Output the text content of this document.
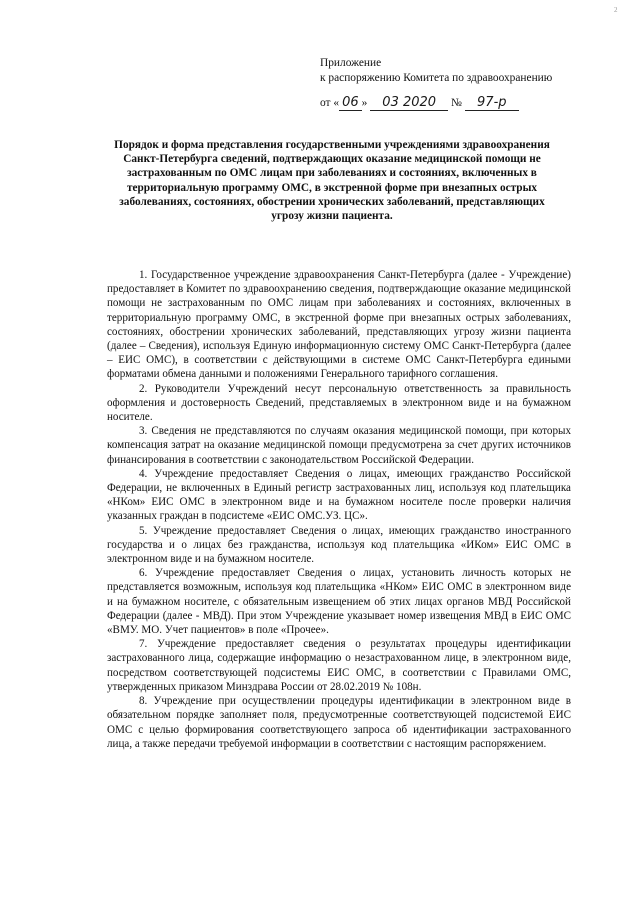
2
Приложение
к распоряжению Комитета по здравоохранению
от « 06 » 03 2020 № 97-р
Порядок и форма представления государственными учреждениями здравоохранения Санкт-Петербурга сведений, подтверждающих оказание медицинской помощи не застрахованным по ОМС лицам при заболеваниях и состояниях, включенных в территориальную программу ОМС, в экстренной форме при внезапных острых заболеваниях, состояниях, обострении хронических заболеваний, представляющих угрозу жизни пациента.

1. Государственное учреждение здравоохранения Санкт-Петербурга (далее - Учреждение) предоставляет в Комитет по здравоохранению сведения, подтверждающие оказание медицинской помощи не застрахованным по ОМС лицам при заболеваниях и состояниях, включенных в территориальную программу ОМС, в экстренной форме при внезапных острых заболеваниях, состояниях, обострении хронических заболеваний, представляющих угрозу жизни пациента (далее – Сведения), используя Единую информационную систему ОМС Санкт-Петербурга (далее – ЕИС ОМС), в соответствии с действующими в системе ОМС Санкт-Петербурга едиными форматами обмена данными и положениями Генерального тарифного соглашения.

2. Руководители Учреждений несут персональную ответственность за правильность оформления и достоверность Сведений, представляемых в электронном виде и на бумажном носителе.

3. Сведения не представляются по случаям оказания медицинской помощи, при которых компенсация затрат на оказание медицинской помощи предусмотрена за счет других источников финансирования в соответствии с законодательством Российской Федерации.

4. Учреждение предоставляет Сведения о лицах, имеющих гражданство Российской Федерации, не включенных в Единый регистр застрахованных лиц, используя код плательщика «НКом» ЕИС ОМС в электронном виде и на бумажном носителе после проверки наличия указанных граждан в подсистеме «ЕИС ОМС.УЗ. ЦС».

5. Учреждение предоставляет Сведения о лицах, имеющих гражданство иностранного государства и о лицах без гражданства, используя код плательщика «ИКом» ЕИС ОМС в электронном виде и на бумажном носителе.

6. Учреждение предоставляет Сведения о лицах, установить личность которых не представляется возможным, используя код плательщика «НКом» ЕИС ОМС в электронном виде и на бумажном носителе, с обязательным извещением об этих лицах органов МВД Российской Федерации (далее - МВД). При этом Учреждение указывает номер извещения МВД в ЕИС ОМС «ВМУ. МО. Учет пациентов» в поле «Прочее».

7. Учреждение предоставляет сведения о результатах процедуры идентификации застрахованного лица, содержащие информацию о незастрахованном лице, в электронном виде, посредством соответствующей подсистемы ЕИС ОМС, в соответствии с Правилами ОМС, утвержденных приказом Минздрава России от 28.02.2019 № 108н.

8. Учреждение при осуществлении процедуры идентификации в электронном виде в обязательном порядке заполняет поля, предусмотренные соответствующей подсистемой ЕИС ОМС с целью формирования соответствующего запроса об идентификации застрахованного лица, а также передачи требуемой информации в соответствии с настоящим распоряжением.
